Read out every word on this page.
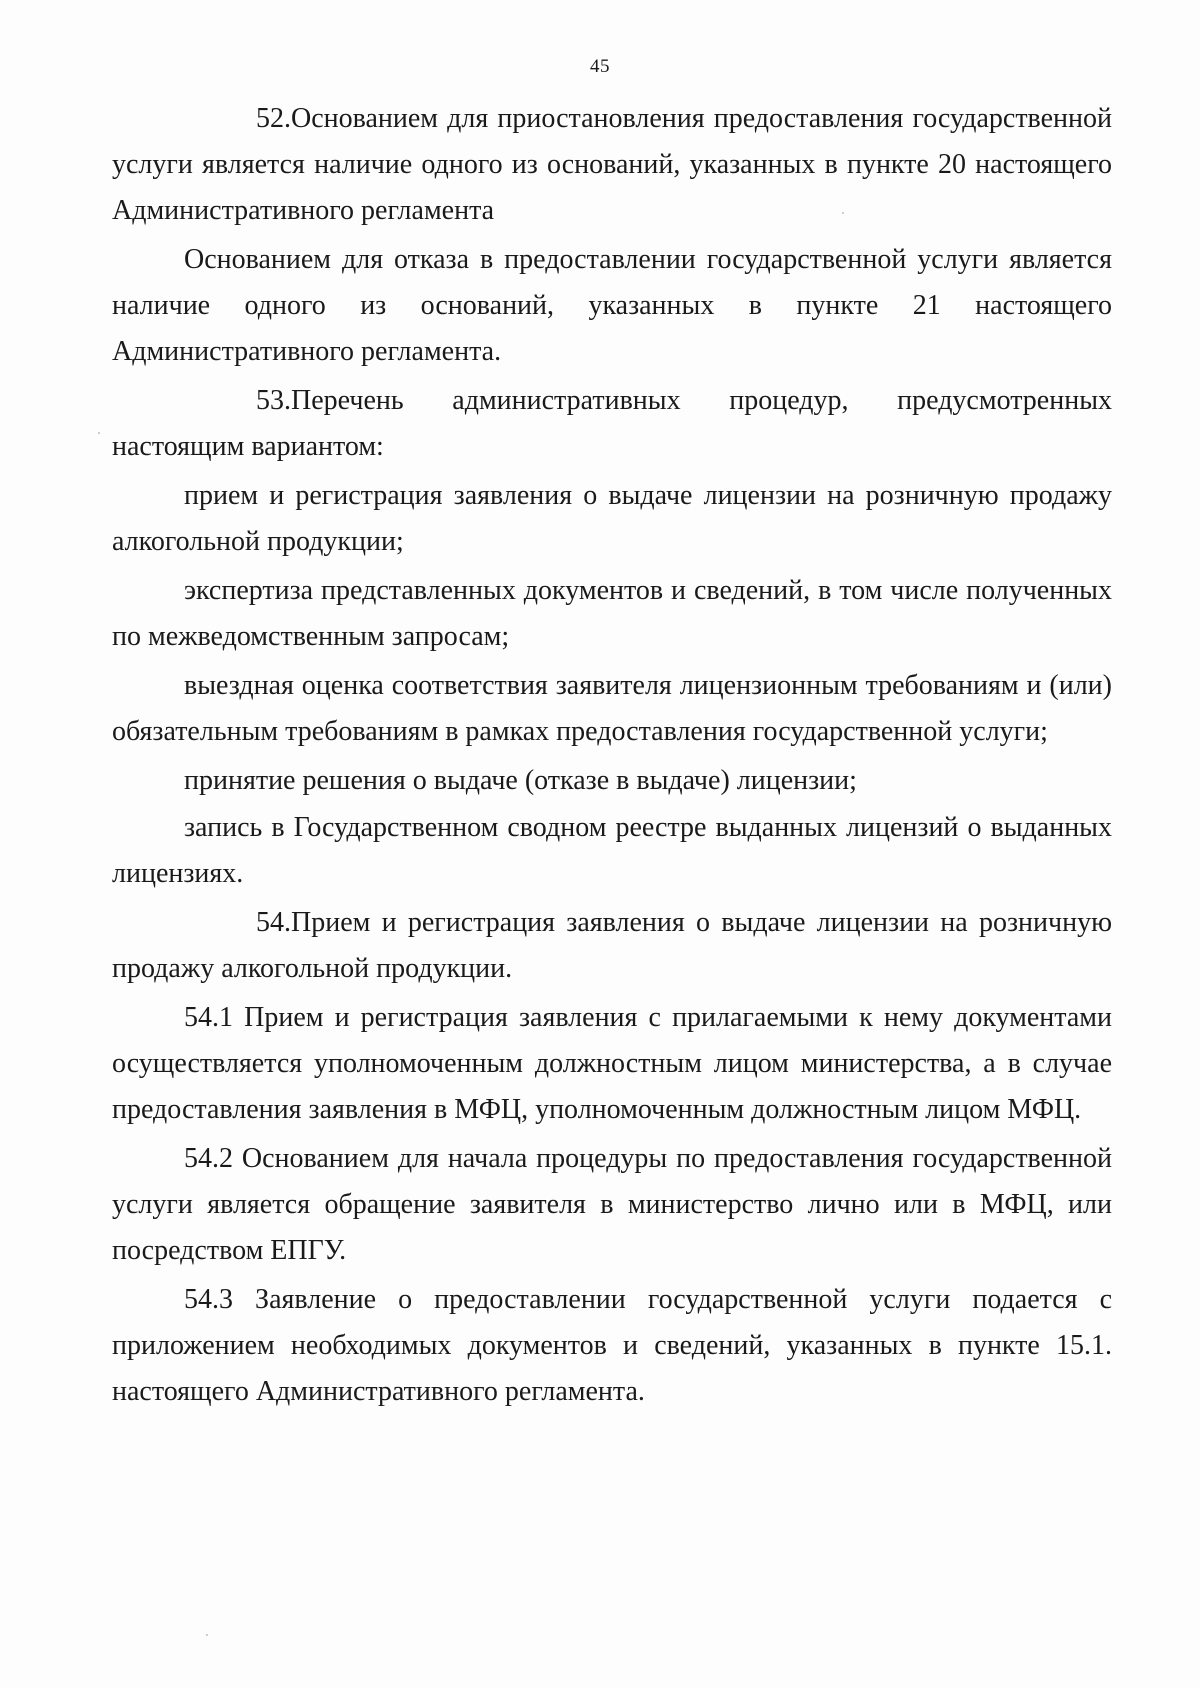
45

52.Основанием для приостановления предоставления государственной услуги является наличие одного из оснований, указанных в пункте 20 настоящего Административного регламента

Основанием для отказа в предоставлении государственной услуги является наличие одного из оснований, указанных в пункте 21 настоящего Административного регламента.

53.Перечень административных процедур, предусмотренных настоящим вариантом:

прием и регистрация заявления о выдаче лицензии на розничную продажу алкогольной продукции;

экспертиза представленных документов и сведений, в том числе полученных по межведомственным запросам;

выездная оценка соответствия заявителя лицензионным требованиям и (или) обязательным требованиям в рамках предоставления государственной услуги;

принятие решения о выдаче (отказе в выдаче) лицензии;

запись в Государственном сводном реестре выданных лицензий о выданных лицензиях.

54.Прием и регистрация заявления о выдаче лицензии на розничную продажу алкогольной продукции.

54.1 Прием и регистрация заявления с прилагаемыми к нему документами осуществляется уполномоченным должностным лицом министерства, а в случае предоставления заявления в МФЦ, уполномоченным должностным лицом МФЦ.

54.2 Основанием для начала процедуры по предоставления государственной услуги является обращение заявителя в министерство лично или в МФЦ, или посредством ЕПГУ.

54.3 Заявление о предоставлении государственной услуги подается с приложением необходимых документов и сведений, указанных в пункте 15.1. настоящего Административного регламента.
